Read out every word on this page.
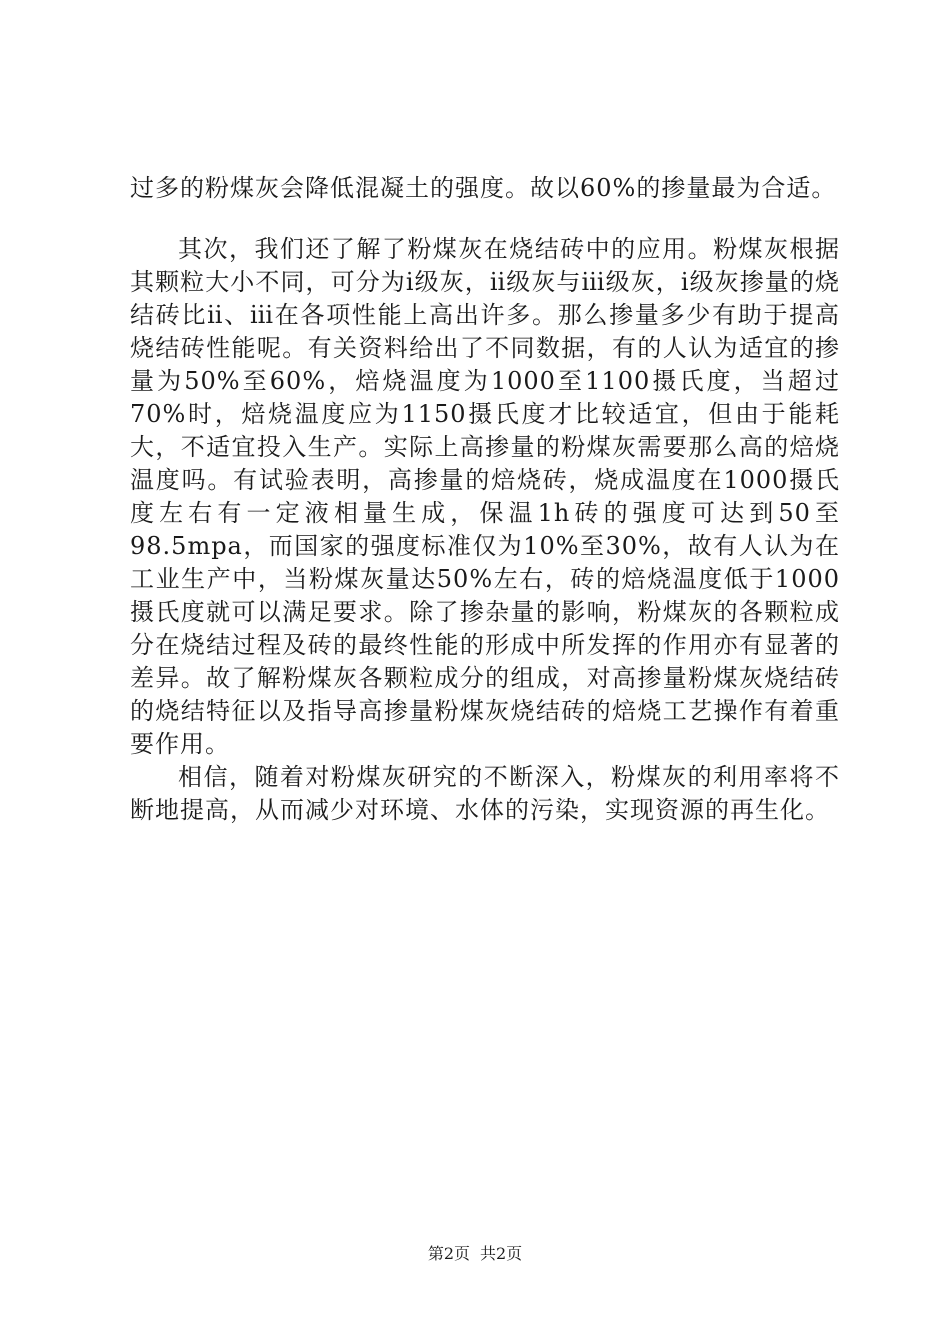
过多的粉煤灰会降低混凝土的强度。故以60%的掺量最为合适。

其次，我们还了解了粉煤灰在烧结砖中的应用。粉煤灰根据其颗粒大小不同，可分为ⅰ级灰，ⅱ级灰与ⅲ级灰，ⅰ级灰掺量的烧结砖比ⅱ、ⅲ在各项性能上高出许多。那么掺量多少有助于提高烧结砖性能呢。有关资料给出了不同数据，有的人认为适宜的掺量为50%至60%，焙烧温度为1000至1100摄氏度，当超过70%时，焙烧温度应为1150摄氏度才比较适宜，但由于能耗大，不适宜投入生产。实际上高掺量的粉煤灰需要那么高的焙烧温度吗。有试验表明，高掺量的焙烧砖，烧成温度在1000摄氏度左右有一定液相量生成，保温1h砖的强度可达到50至98.5mpa，而国家的强度标准仅为10%至30%，故有人认为在工业生产中，当粉煤灰量达50%左右，砖的焙烧温度低于1000摄氏度就可以满足要求。除了掺杂量的影响，粉煤灰的各颗粒成分在烧结过程及砖的最终性能的形成中所发挥的作用亦有显著的差异。故了解粉煤灰各颗粒成分的组成，对高掺量粉煤灰烧结砖的烧结特征以及指导高掺量粉煤灰烧结砖的焙烧工艺操作有着重要作用。

相信，随着对粉煤灰研究的不断深入，粉煤灰的利用率将不断地提高，从而减少对环境、水体的污染，实现资源的再生化。

第2页 共2页
